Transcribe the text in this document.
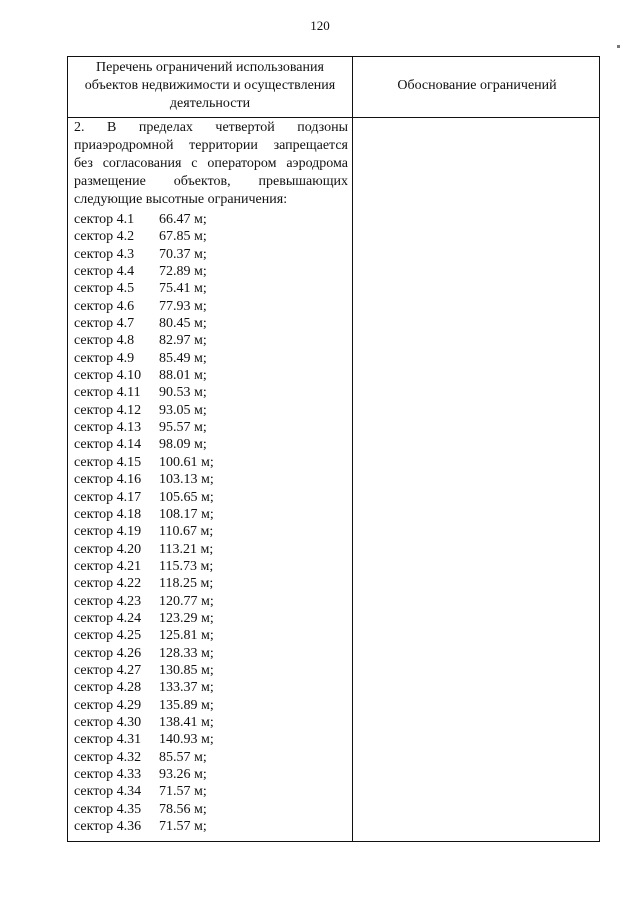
120
Перечень ограничений использования
объектов недвижимости и осуществления
деятельности
Обоснование ограничений
2. В пределах четвертой подзоны
приаэродромной территории запрещается
без согласования с оператором аэродрома
размещение объектов, превышающих
следующие высотные ограничения:
сектор 4.1 66.47 м;
сектор 4.2 67.85 м;
сектор 4.3 70.37 м;
сектор 4.4 72.89 м;
сектор 4.5 75.41 м;
сектор 4.6 77.93 м;
сектор 4.7 80.45 м;
сектор 4.8 82.97 м;
сектор 4.9 85.49 м;
сектор 4.10 88.01 м;
сектор 4.11 90.53 м;
сектор 4.12 93.05 м;
сектор 4.13 95.57 м;
сектор 4.14 98.09 м;
сектор 4.15 100.61 м;
сектор 4.16 103.13 м;
сектор 4.17 105.65 м;
сектор 4.18 108.17 м;
сектор 4.19 110.67 м;
сектор 4.20 113.21 м;
сектор 4.21 115.73 м;
сектор 4.22 118.25 м;
сектор 4.23 120.77 м;
сектор 4.24 123.29 м;
сектор 4.25 125.81 м;
сектор 4.26 128.33 м;
сектор 4.27 130.85 м;
сектор 4.28 133.37 м;
сектор 4.29 135.89 м;
сектор 4.30 138.41 м;
сектор 4.31 140.93 м;
сектор 4.32 85.57 м;
сектор 4.33 93.26 м;
сектор 4.34 71.57 м;
сектор 4.35 78.56 м;
сектор 4.36 71.57 м;
